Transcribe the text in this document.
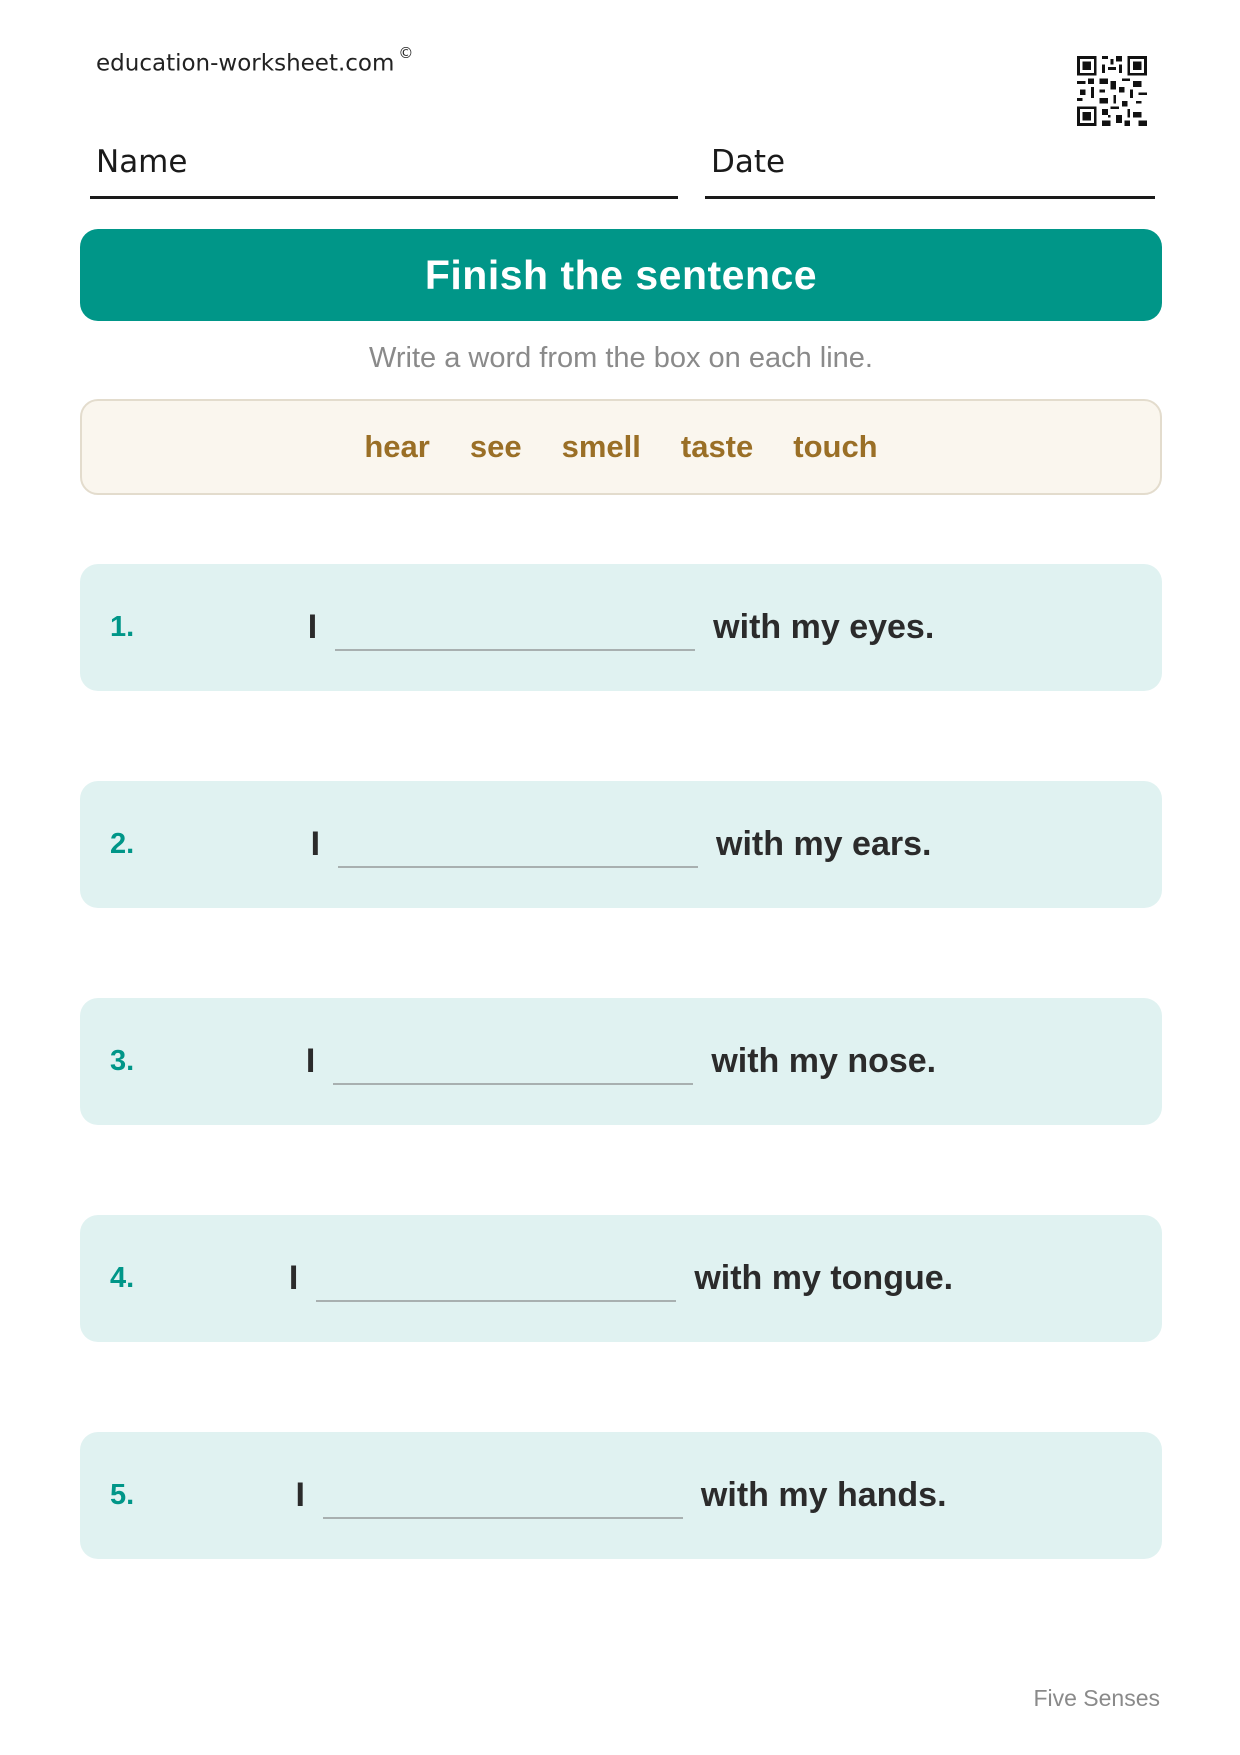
education-worksheet.com ©
Name	Date
Finish the sentence
Write a word from the box on each line.
hear see smell taste touch
1.	I	with my eyes.
2.	I	with my ears.
3.	I	with my nose.
4.	I	with my tongue.
5.	I	with my hands.
Five Senses
